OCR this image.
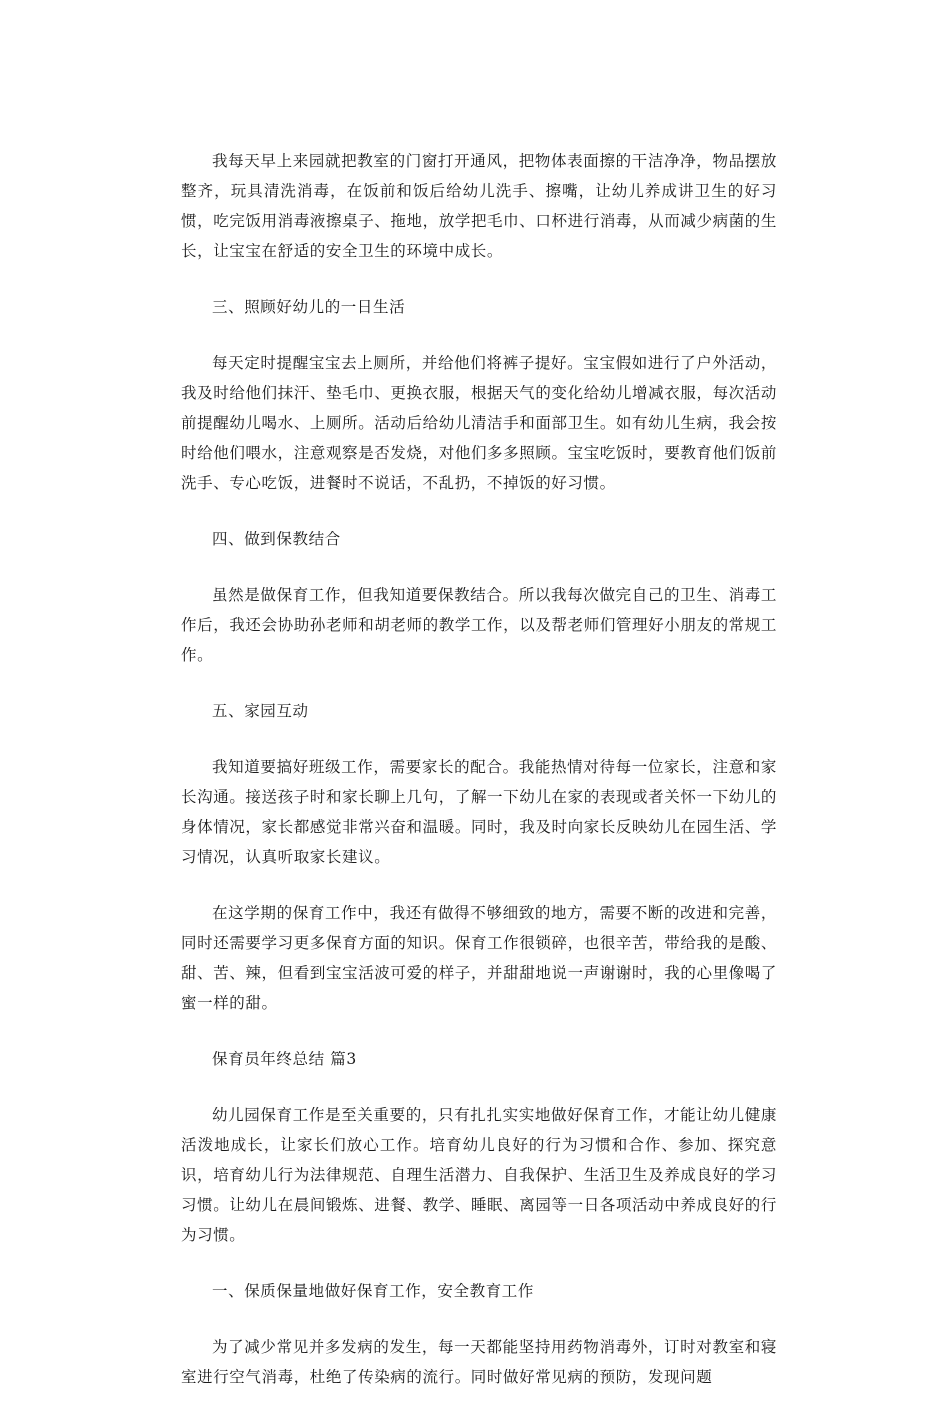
我每天早上来园就把教室的门窗打开通风，把物体表面擦的干洁净净，物品摆放整齐，玩具清洗消毒，在饭前和饭后给幼儿洗手、擦嘴，让幼儿养成讲卫生的好习惯，吃完饭用消毒液擦桌子、拖地，放学把毛巾、口杯进行消毒，从而减少病菌的生长，让宝宝在舒适的安全卫生的环境中成长。

三、照顾好幼儿的一日生活

每天定时提醒宝宝去上厕所，并给他们将裤子提好。宝宝假如进行了户外活动，我及时给他们抹汗、垫毛巾、更换衣服，根据天气的变化给幼儿增减衣服，每次活动前提醒幼儿喝水、上厕所。活动后给幼儿清洁手和面部卫生。如有幼儿生病，我会按时给他们喂水，注意观察是否发烧，对他们多多照顾。宝宝吃饭时，要教育他们饭前洗手、专心吃饭，进餐时不说话，不乱扔，不掉饭的好习惯。

四、做到保教结合

虽然是做保育工作，但我知道要保教结合。所以我每次做完自己的卫生、消毒工作后，我还会协助孙老师和胡老师的教学工作，以及帮老师们管理好小朋友的常规工作。

五、家园互动

我知道要搞好班级工作，需要家长的配合。我能热情对待每一位家长，注意和家长沟通。接送孩子时和家长聊上几句，了解一下幼儿在家的表现或者关怀一下幼儿的身体情况，家长都感觉非常兴奋和温暖。同时，我及时向家长反映幼儿在园生活、学习情况，认真听取家长建议。

在这学期的保育工作中，我还有做得不够细致的地方，需要不断的改进和完善，同时还需要学习更多保育方面的知识。保育工作很锁碎，也很辛苦，带给我的是酸、甜、苦、辣，但看到宝宝活波可爱的样子，并甜甜地说一声谢谢时，我的心里像喝了蜜一样的甜。

保育员年终总结 篇3

幼儿园保育工作是至关重要的，只有扎扎实实地做好保育工作，才能让幼儿健康活泼地成长，让家长们放心工作。培育幼儿良好的行为习惯和合作、参加、探究意识，培育幼儿行为法律规范、自理生活潜力、自我保护、生活卫生及养成良好的学习习惯。让幼儿在晨间锻炼、进餐、教学、睡眠、离园等一日各项活动中养成良好的行为习惯。

一、保质保量地做好保育工作，安全教育工作

为了减少常见并多发病的发生，每一天都能坚持用药物消毒外，订时对教室和寝室进行空气消毒，杜绝了传染病的流行。同时做好常见病的预防，发现问题
